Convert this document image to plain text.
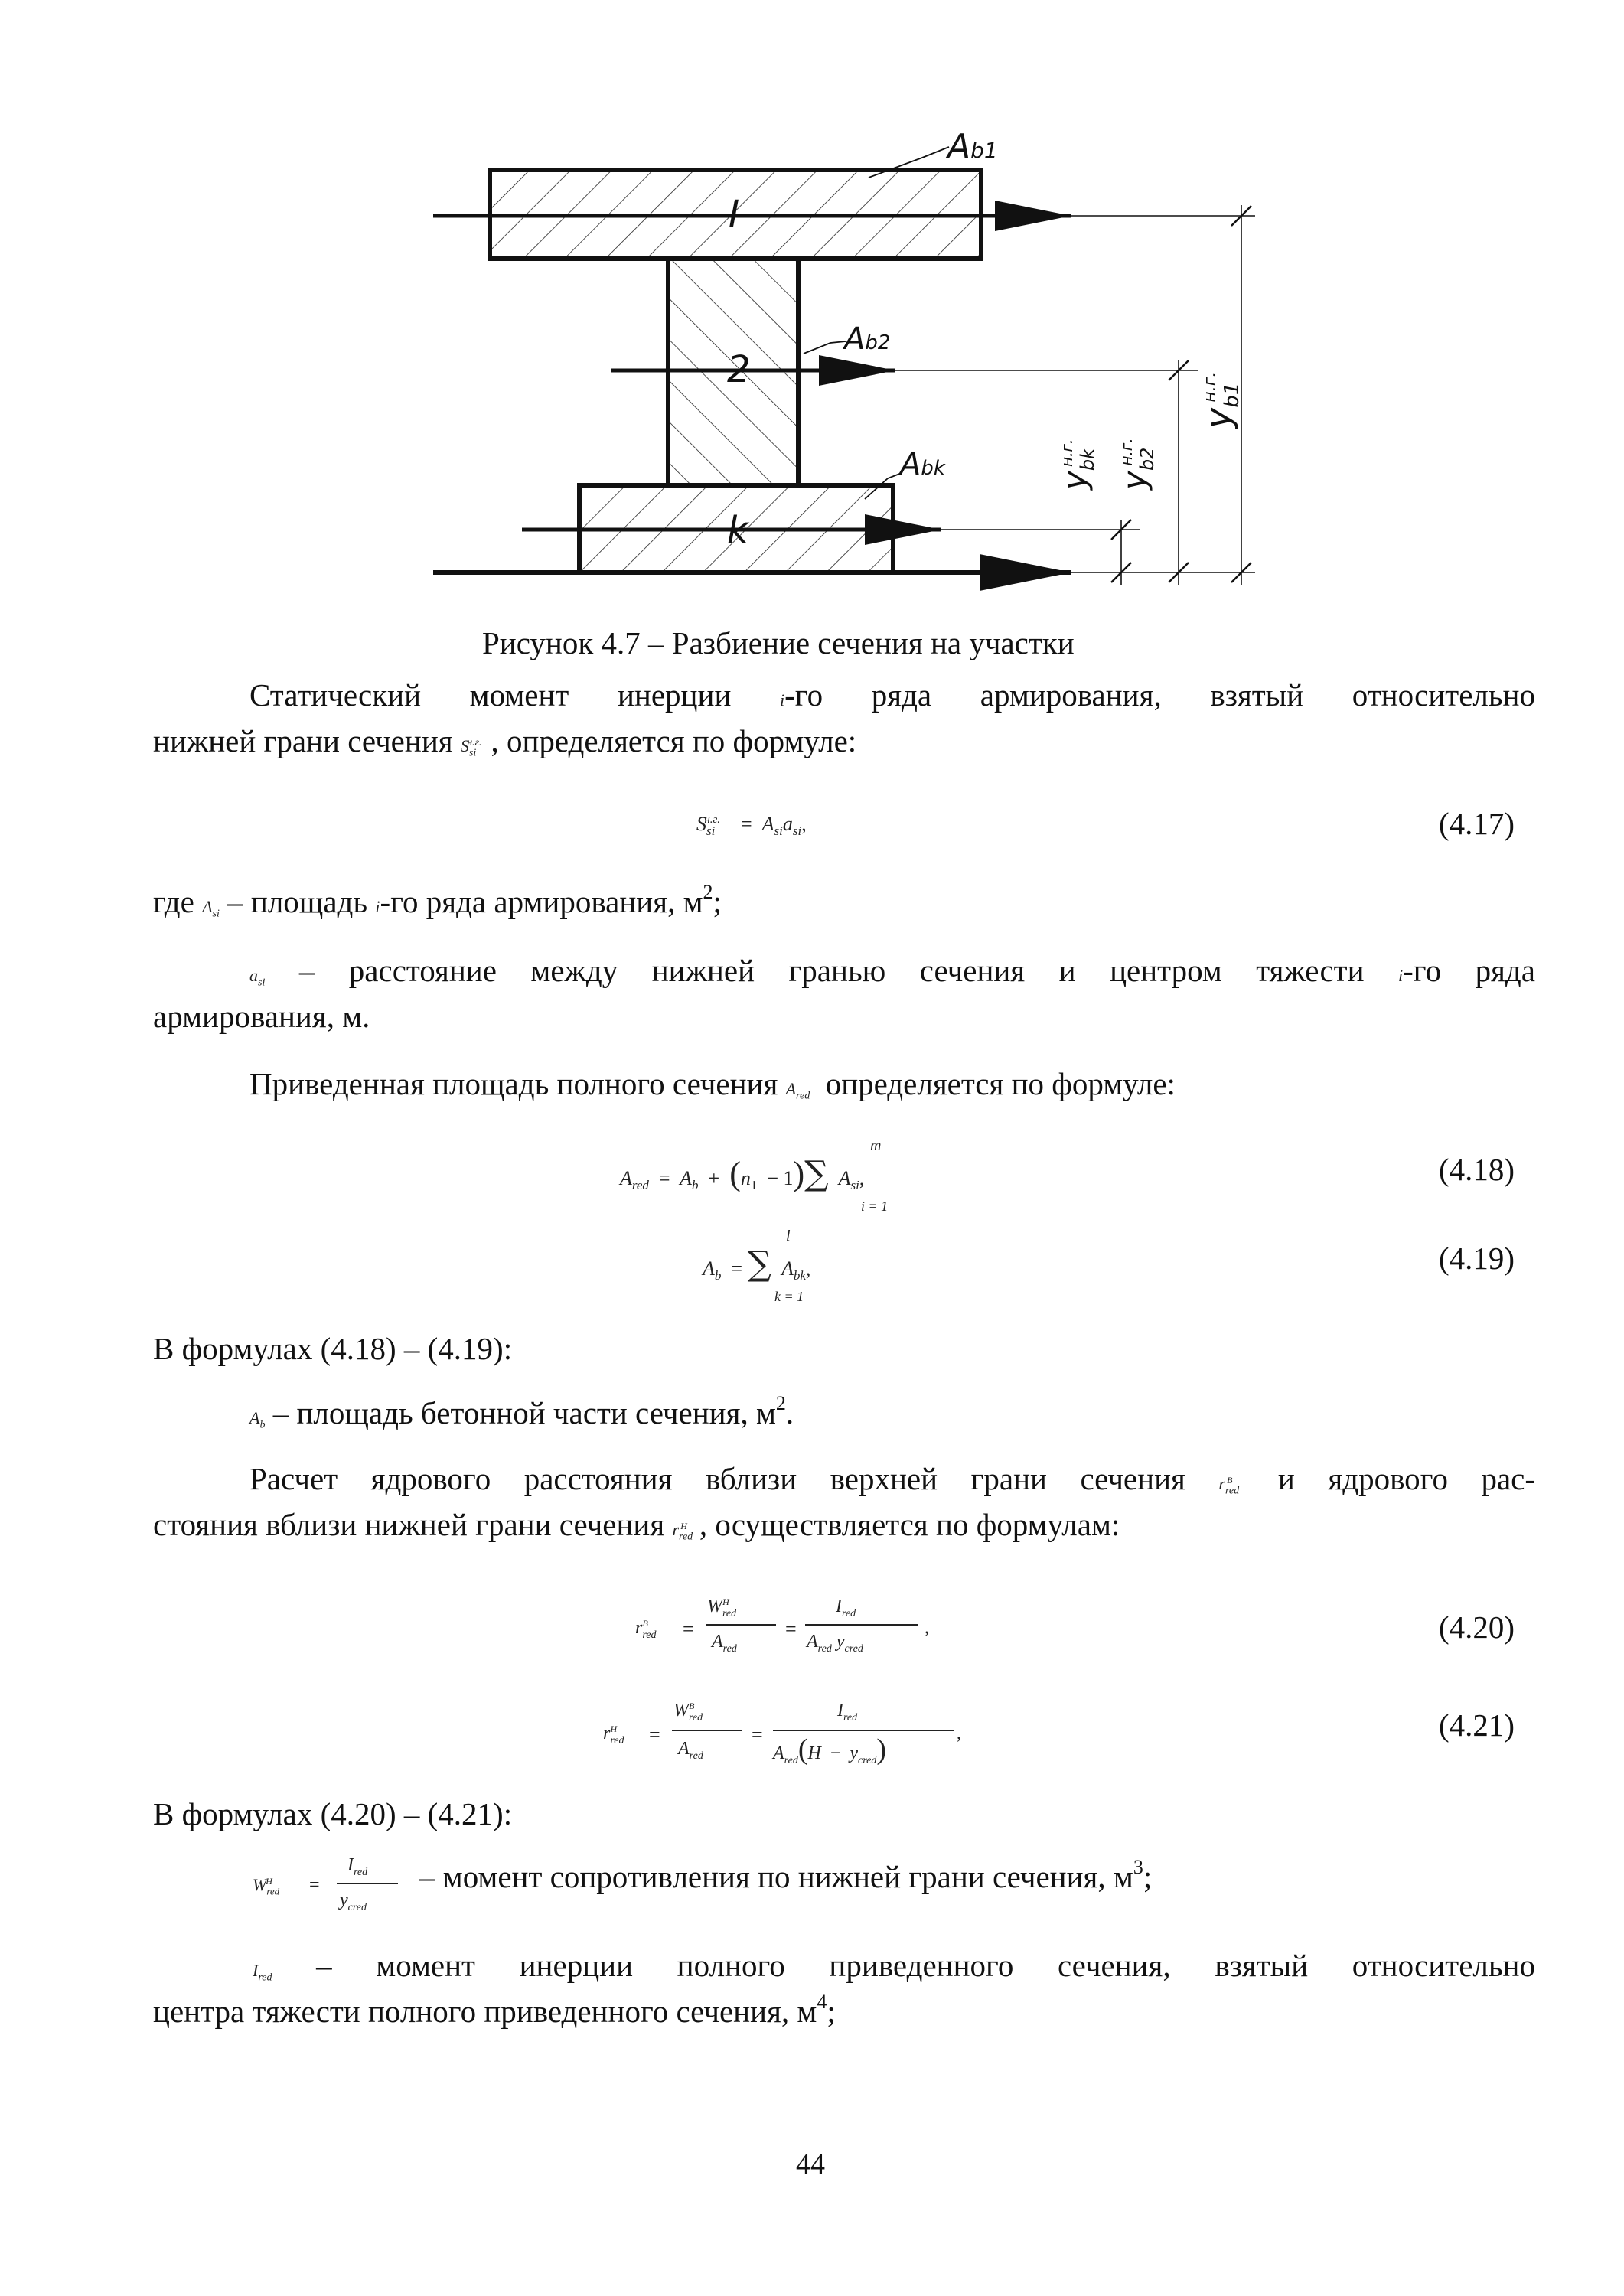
Ab1
Ab2
Abk
I
2
k
$y_{bk}^{н.г.}$
$y_{b2}^{н.г.}$
$y_{b1}^{н.г.}$
Рисунок 4.7 – Разбиение сечения на участки
Статический момент инерции i-го ряда армирования, взятый относительно
нижней грани сечения $S_{si}^{н.г.}$ , определяется по формуле:
$S_{si}^{н.г.} = A_{si}a_{si}$,	(4.17)
где $A_{si}$ – площадь i-го ряда армирования, $м^2$;
$a_{si}$ – расстояние между нижней гранью сечения и центром тяжести i-го ряда
армирования, м.
Приведенная площадь полного сечения $A_{red}$ определяется по формуле:
$A_{red} = A_b + (n_1 - 1)\sum$ $A_{si}$,
m
i = 1
(4.18)
$A_b$ = ∑ $A_{bk}$,
l
k = 1
(4.19)
В формулах (4.18) – (4.19):
$A_b$ – площадь бетонной части сечения, $м^2$.
Расчет ядрового расстояния вблизи верхней грани сечения $r_{red}^В$ и ядрового рас-
стояния вблизи нижней грани сечения $r_{red}^Н$ , осуществляется по формулам:
$r_{red}^В$	=
$W_{red}^Н$
$A_{red}$
=
$I_{red}$
$A_{red}$ $y_{cred}$
,	(4.20)
$r_{red}^Н$	=
$W_{red}^В$
$A_{red}$
=
$I_{red}$
$A_{red}(H - y_{cred})$	,	(4.21)
В формулах (4.20) – (4.21):
$W_{red}^Н$	=
$I_{red}$
$y_{cred}$
– момент сопротивления по нижней грани сечения, $м^3$;
$I_{red}$ – момент инерции полного приведенного сечения, взятый относительно
центра тяжести полного приведенного сечения, $м^4$;
44
